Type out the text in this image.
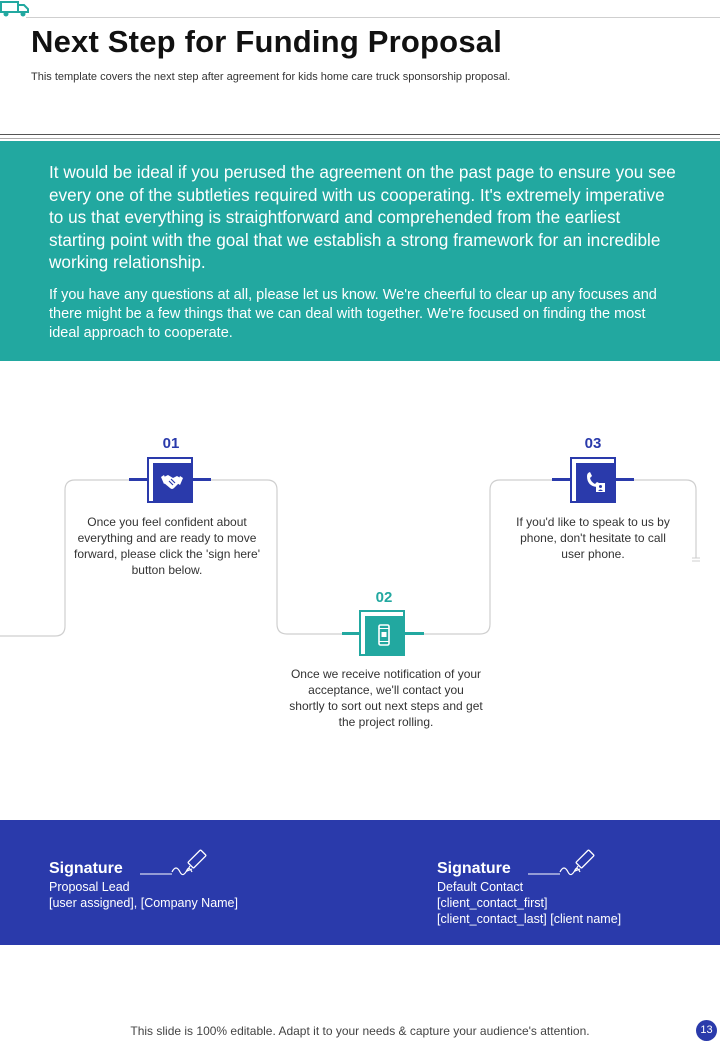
Next Step for Funding Proposal
This template covers the next step after agreement for kids home care truck sponsorship proposal.
It would be ideal if you perused the agreement on the past page to ensure you see every one of the subtleties required with us cooperating. It's extremely imperative to us that everything is straightforward and comprehended from the earliest starting point with the goal that we establish a strong framework for an incredible working relationship.
If you have any questions at all, please let us know. We're cheerful to clear up any focuses and there might be a few things that we can deal with together. We're focused on finding the most ideal approach to cooperate.
01
Once you feel confident about everything and are ready to move forward, please click the 'sign here' button below.
02
Once we receive notification of your acceptance, we'll contact you shortly to sort out next steps and get the project rolling.
03
If you'd like to speak to us by phone, don't hesitate to call user phone.
Signature
Proposal Lead
[user assigned], [Company Name]
Signature
Default Contact
[client_contact_first]
[client_contact_last] [client name]
This slide is 100% editable. Adapt it to your needs & capture your audience's attention.	13
